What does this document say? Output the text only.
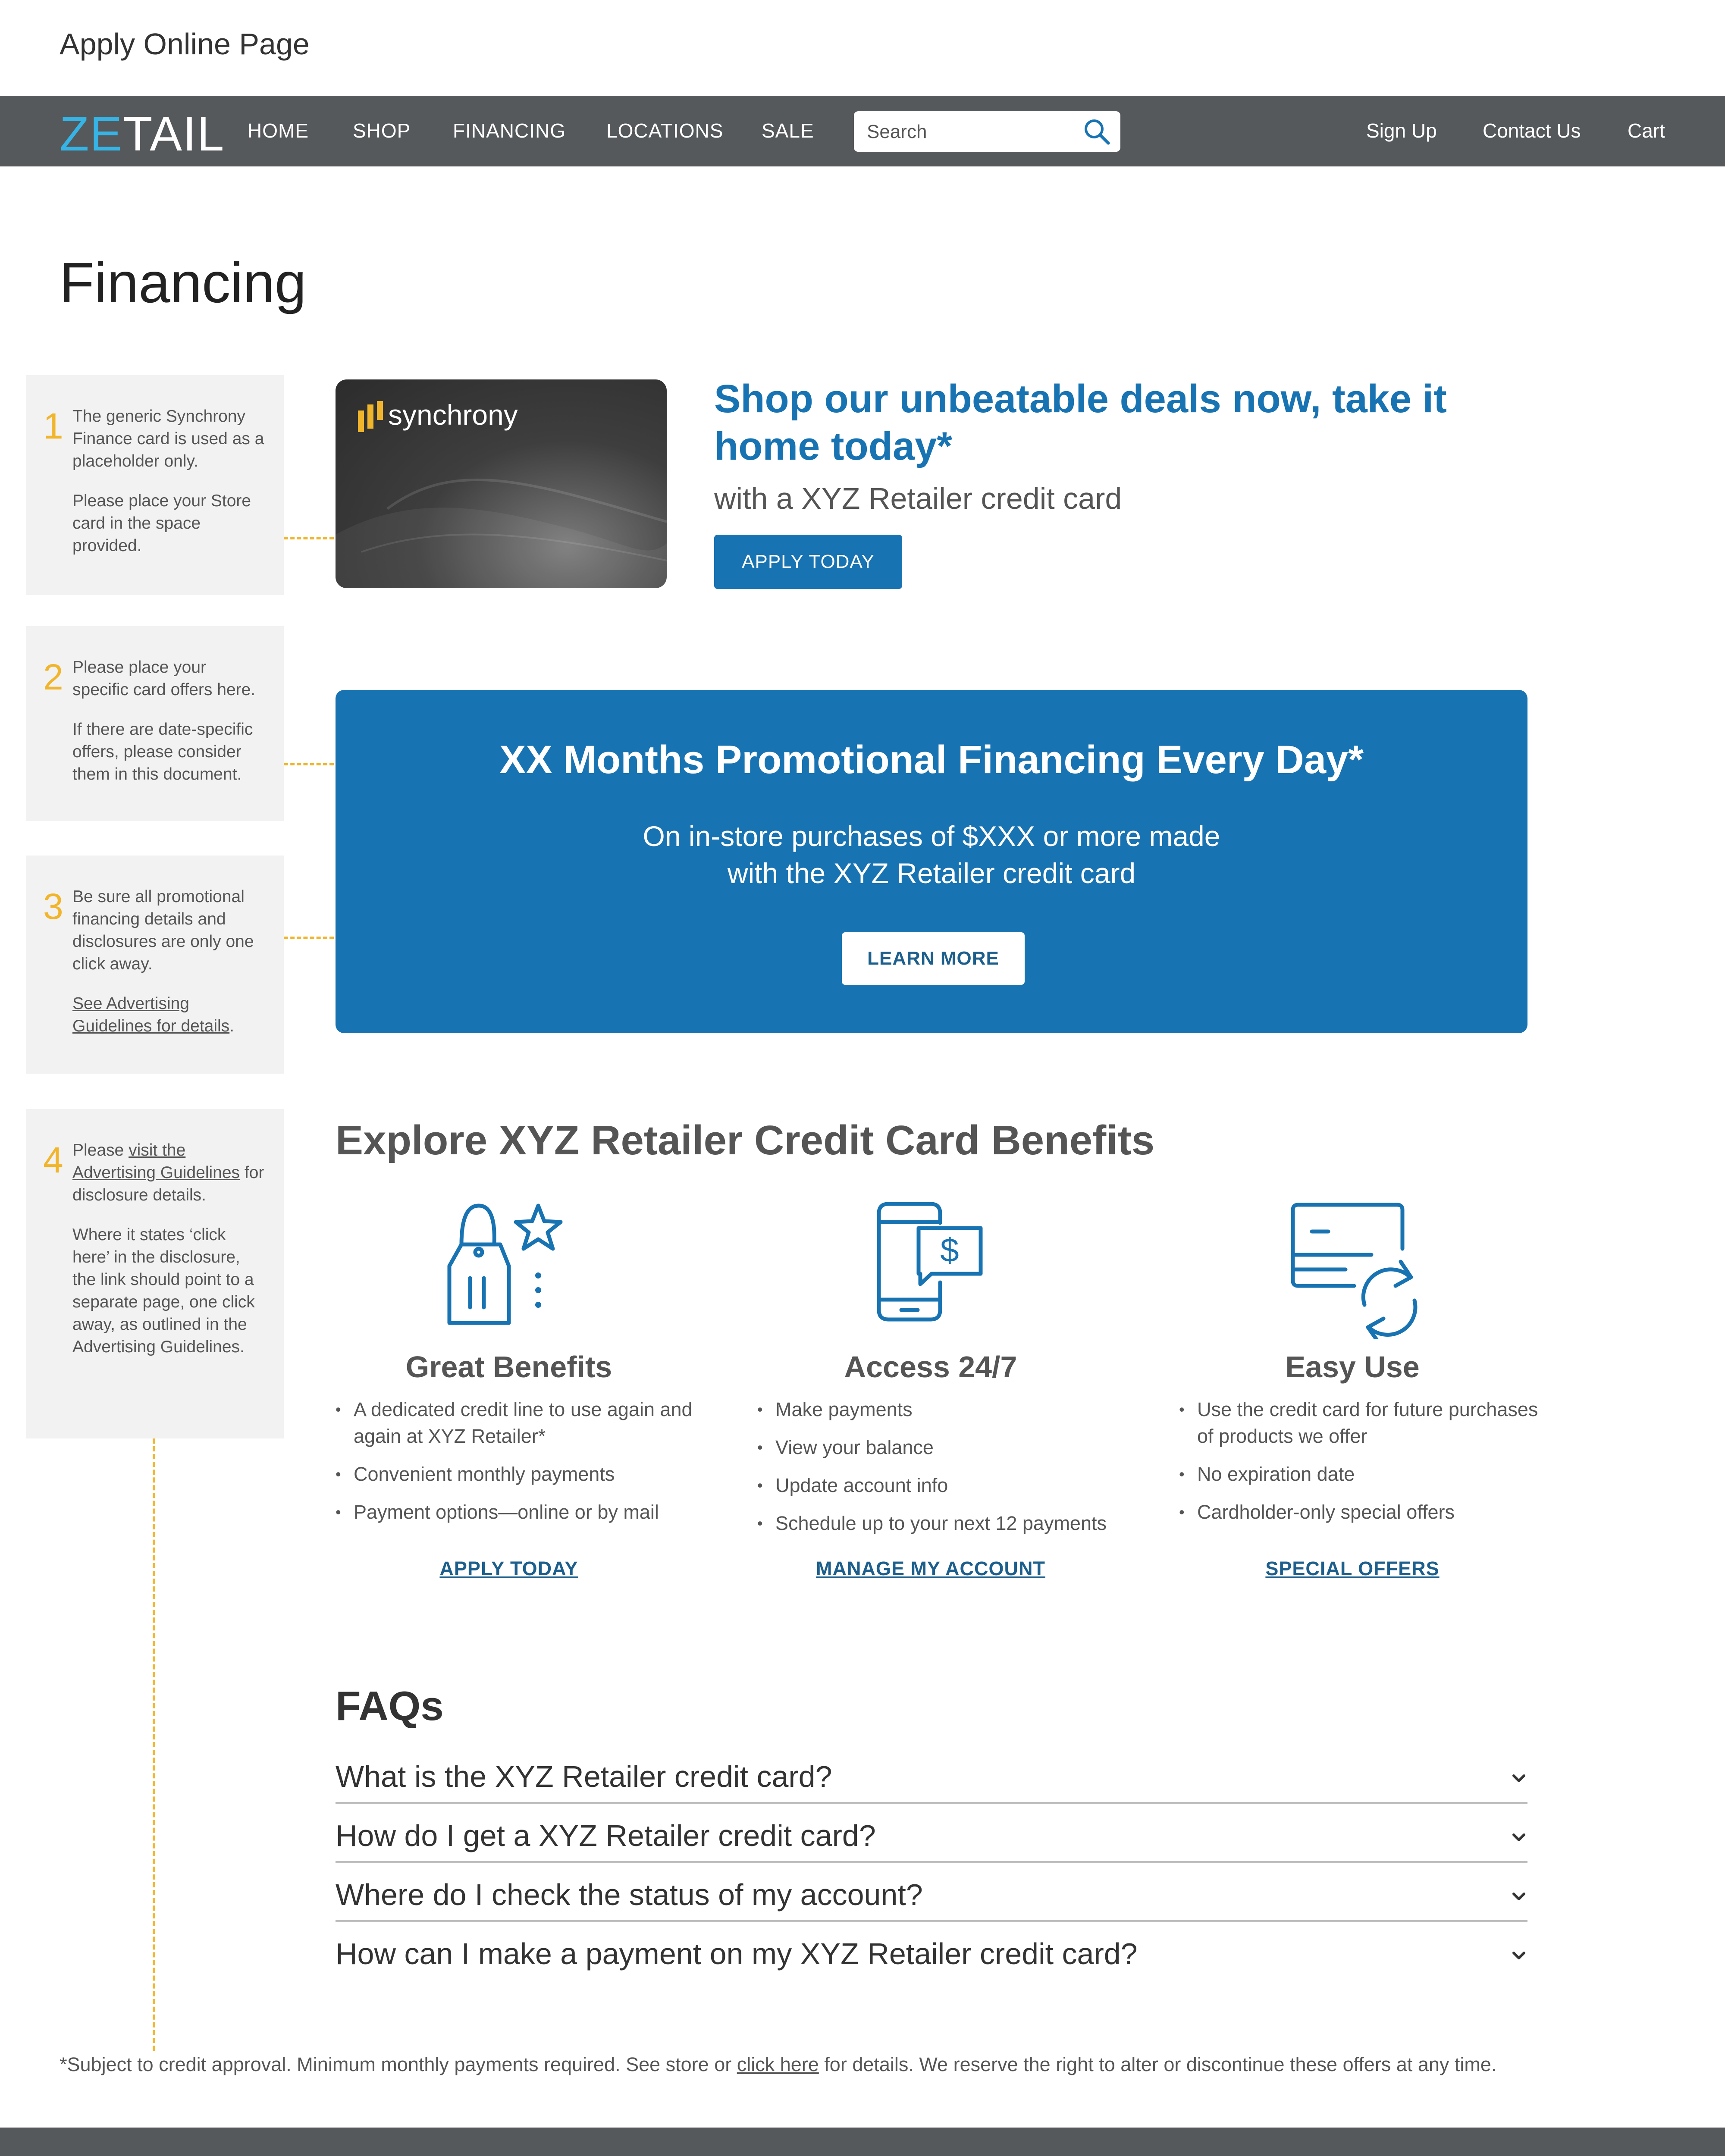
Apply Online Page
ZETAIL HOME SHOP FINANCING LOCATIONS SALE
Search	Sign Up Contact Us Cart
Financing
1 The generic Synchrony Finance card is used as a placeholder only.

Please place your Store card in the space provided.

2 Please place your specific card offers here.

If there are date-specific offers, please consider them in this document.

3 Be sure all promotional financing details and disclosures are only one click away.

See Advertising Guidelines for details.

4 Please visit the Advertising Guidelines for disclosure details.

Where it states ‘click here’ in the disclosure, the link should point to a separate page, one click away, as outlined in the Advertising Guidelines.

synchrony	Shop our unbeatable deals now, take it home today*
with a XYZ Retailer credit card
APPLY TODAY
XX Months Promotional Financing Every Day*
On in-store purchases of $XXX or more made
with the XYZ Retailer credit card
LEARN MORE
Explore XYZ Retailer Credit Card Benefits
$
Great Benefits	Access 24/7	Easy Use
• A dedicated credit line to use again and again at XYZ Retailer*
• Convenient monthly payments
• Payment options—online or by mail
• Make payments
• View your balance
• Update account info
• Schedule up to your next 12 payments
• Use the credit card for future purchases of products we offer
• No expiration date
• Cardholder-only special offers
APPLY TODAY	MANAGE MY ACCOUNT	SPECIAL OFFERS
FAQs
What is the XYZ Retailer credit card?
How do I get a XYZ Retailer credit card?
Where do I check the status of my account?
How can I make a payment on my XYZ Retailer credit card?
*Subject to credit approval. Minimum monthly payments required. See store or click here for details. We reserve the right to alter or discontinue these offers at any time.
